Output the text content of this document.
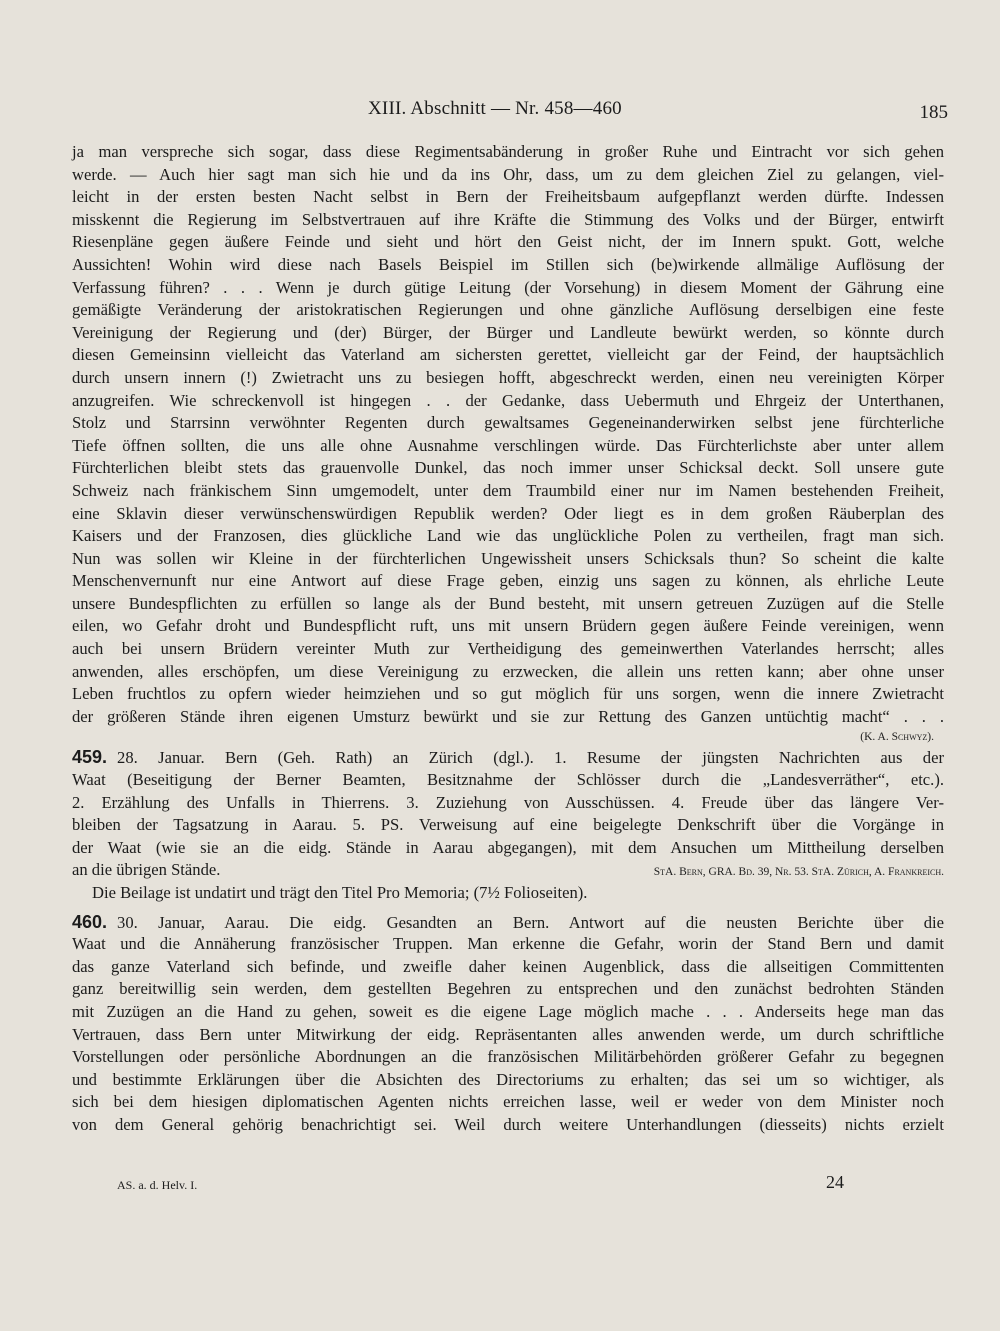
XIII. Abschnitt — Nr. 458—460	185
ja man verspreche sich sogar, dass diese Regimentsabänderung in großer Ruhe und Eintracht vor sich gehen
werde. — Auch hier sagt man sich hie und da ins Ohr, dass, um zu dem gleichen Ziel zu gelangen, viel-
leicht in der ersten besten Nacht selbst in Bern der Freiheitsbaum aufgepflanzt werden dürfte. Indessen
misskennt die Regierung im Selbstvertrauen auf ihre Kräfte die Stimmung des Volks und der Bürger, entwirft
Riesenpläne gegen äußere Feinde und sieht und hört den Geist nicht, der im Innern spukt. Gott, welche
Aussichten! Wohin wird diese nach Basels Beispiel im Stillen sich (be)wirkende allmälige Auflösung der
Verfassung führen? . . . Wenn je durch gütige Leitung (der Vorsehung) in diesem Moment der Gährung eine
gemäßigte Veränderung der aristokratischen Regierungen und ohne gänzliche Auflösung derselbigen eine feste
Vereinigung der Regierung und (der) Bürger, der Bürger und Landleute bewürkt werden, so könnte durch
diesen Gemeinsinn vielleicht das Vaterland am sichersten gerettet, vielleicht gar der Feind, der hauptsächlich
durch unsern innern (!) Zwietracht uns zu besiegen hofft, abgeschreckt werden, einen neu vereinigten Körper
anzugreifen. Wie schreckenvoll ist hingegen . . der Gedanke, dass Uebermuth und Ehrgeiz der Unterthanen,
Stolz und Starrsinn verwöhnter Regenten durch gewaltsames Gegeneinanderwirken selbst jene fürchterliche
Tiefe öffnen sollten, die uns alle ohne Ausnahme verschlingen würde. Das Fürchterlichste aber unter allem
Fürchterlichen bleibt stets das grauenvolle Dunkel, das noch immer unser Schicksal deckt. Soll unsere gute
Schweiz nach fränkischem Sinn umgemodelt, unter dem Traumbild einer nur im Namen bestehenden Freiheit,
eine Sklavin dieser verwünschenswürdigen Republik werden? Oder liegt es in dem großen Räuberplan des
Kaisers und der Franzosen, dies glückliche Land wie das unglückliche Polen zu vertheilen, fragt man sich.
Nun was sollen wir Kleine in der fürchterlichen Ungewissheit unsers Schicksals thun? So scheint die kalte
Menschenvernunft nur eine Antwort auf diese Frage geben, einzig uns sagen zu können, als ehrliche Leute
unsere Bundespflichten zu erfüllen so lange als der Bund besteht, mit unsern getreuen Zuzügen auf die Stelle
eilen, wo Gefahr droht und Bundespflicht ruft, uns mit unsern Brüdern gegen äußere Feinde vereinigen, wenn
auch bei unsern Brüdern vereinter Muth zur Vertheidigung des gemeinwerthen Vaterlandes herrscht; alles
anwenden, alles erschöpfen, um diese Vereinigung zu erzwecken, die allein uns retten kann; aber ohne unser
Leben fruchtlos zu opfern wieder heimziehen und so gut möglich für uns sorgen, wenn die innere Zwietracht
der größeren Stände ihren eigenen Umsturz bewürkt und sie zur Rettung des Ganzen untüchtig macht“ . . .
(K. A. Schwyz).
459. 28. Januar. Bern (Geh. Rath) an Zürich (dgl.). 1. Resume der jüngsten Nachrichten aus der
Waat (Beseitigung der Berner Beamten, Besitznahme der Schlösser durch die „Landesverräther“, etc.).
2. Erzählung des Unfalls in Thierrens. 3. Zuziehung von Ausschüssen. 4. Freude über das längere Ver-
bleiben der Tagsatzung in Aarau. 5. PS. Verweisung auf eine beigelegte Denkschrift über die Vorgänge in
der Waat (wie sie an die eidg. Stände in Aarau abgegangen), mit dem Ansuchen um Mittheilung derselben
an die übrigen Stände.	StA. Bern, GRA. Bd. 39, Nr. 53. StA. Zürich, A. Frankreich.
Die Beilage ist undatirt und trägt den Titel Pro Memoria; (7½ Folioseiten).
460. 30. Januar, Aarau. Die eidg. Gesandten an Bern. Antwort auf die neusten Berichte über die
Waat und die Annäherung französischer Truppen. Man erkenne die Gefahr, worin der Stand Bern und damit
das ganze Vaterland sich befinde, und zweifle daher keinen Augenblick, dass die allseitigen Committenten
ganz bereitwillig sein werden, dem gestellten Begehren zu entsprechen und den zunächst bedrohten Ständen
mit Zuzügen an die Hand zu gehen, soweit es die eigene Lage möglich mache . . . Anderseits hege man das
Vertrauen, dass Bern unter Mitwirkung der eidg. Repräsentanten alles anwenden werde, um durch schriftliche
Vorstellungen oder persönliche Abordnungen an die französischen Militärbehörden größerer Gefahr zu begegnen
und bestimmte Erklärungen über die Absichten des Directoriums zu erhalten; das sei um so wichtiger, als
sich bei dem hiesigen diplomatischen Agenten nichts erreichen lasse, weil er weder von dem Minister noch
von dem General gehörig benachrichtigt sei. Weil durch weitere Unterhandlungen (diesseits) nichts erzielt
AS. a. d. Helv. I.	24
